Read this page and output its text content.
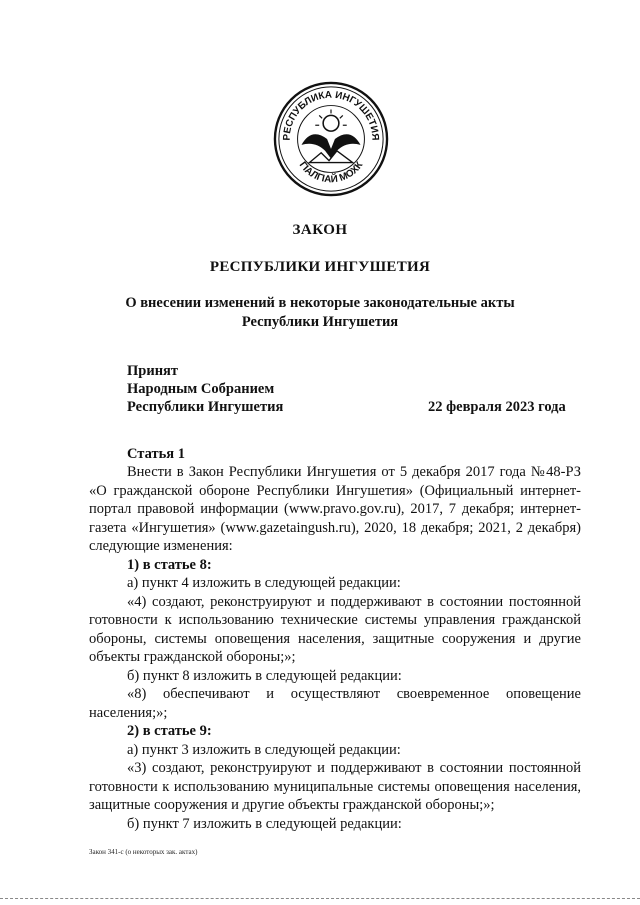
РЕСПУБЛИКА ИНГУШЕТИЯ
ГIАЛГIАЙ МОХК
ЗАКОН
РЕСПУБЛИКИ ИНГУШЕТИЯ
О внесении изменений в некоторые законодательные акты
Республики Ингушетия
Принят
Народным Собранием
Республики Ингушетия	22 февраля 2023 года

Статья 1

Внести в Закон Республики Ингушетия от 5 декабря 2017 года №48-РЗ «О гражданской обороне Республики Ингушетия» (Официальный интернет-портал правовой информации (www.pravo.gov.ru), 2017, 7 декабря; интернет-газета «Ингушетия» (www.gazetaingush.ru), 2020, 18 декабря; 2021, 2 декабря) следующие изменения:

1) в статье 8:

а) пункт 4 изложить в следующей редакции:

«4) создают, реконструируют и поддерживают в состоянии постоянной готовности к использованию технические системы управления гражданской обороны, системы оповещения населения, защитные сооружения и другие объекты гражданской обороны;»;

б) пункт 8 изложить в следующей редакции:

«8) обеспечивают и осуществляют своевременное оповещение населения;»;

2) в статье 9:

а) пункт 3 изложить в следующей редакции:

«3) создают, реконструируют и поддерживают в состоянии постоянной готовности к использованию муниципальные системы оповещения населения, защитные сооружения и другие объекты гражданской обороны;»;

б) пункт 7 изложить в следующей редакции:

Закон 341-с (о некоторых зак. актах)
